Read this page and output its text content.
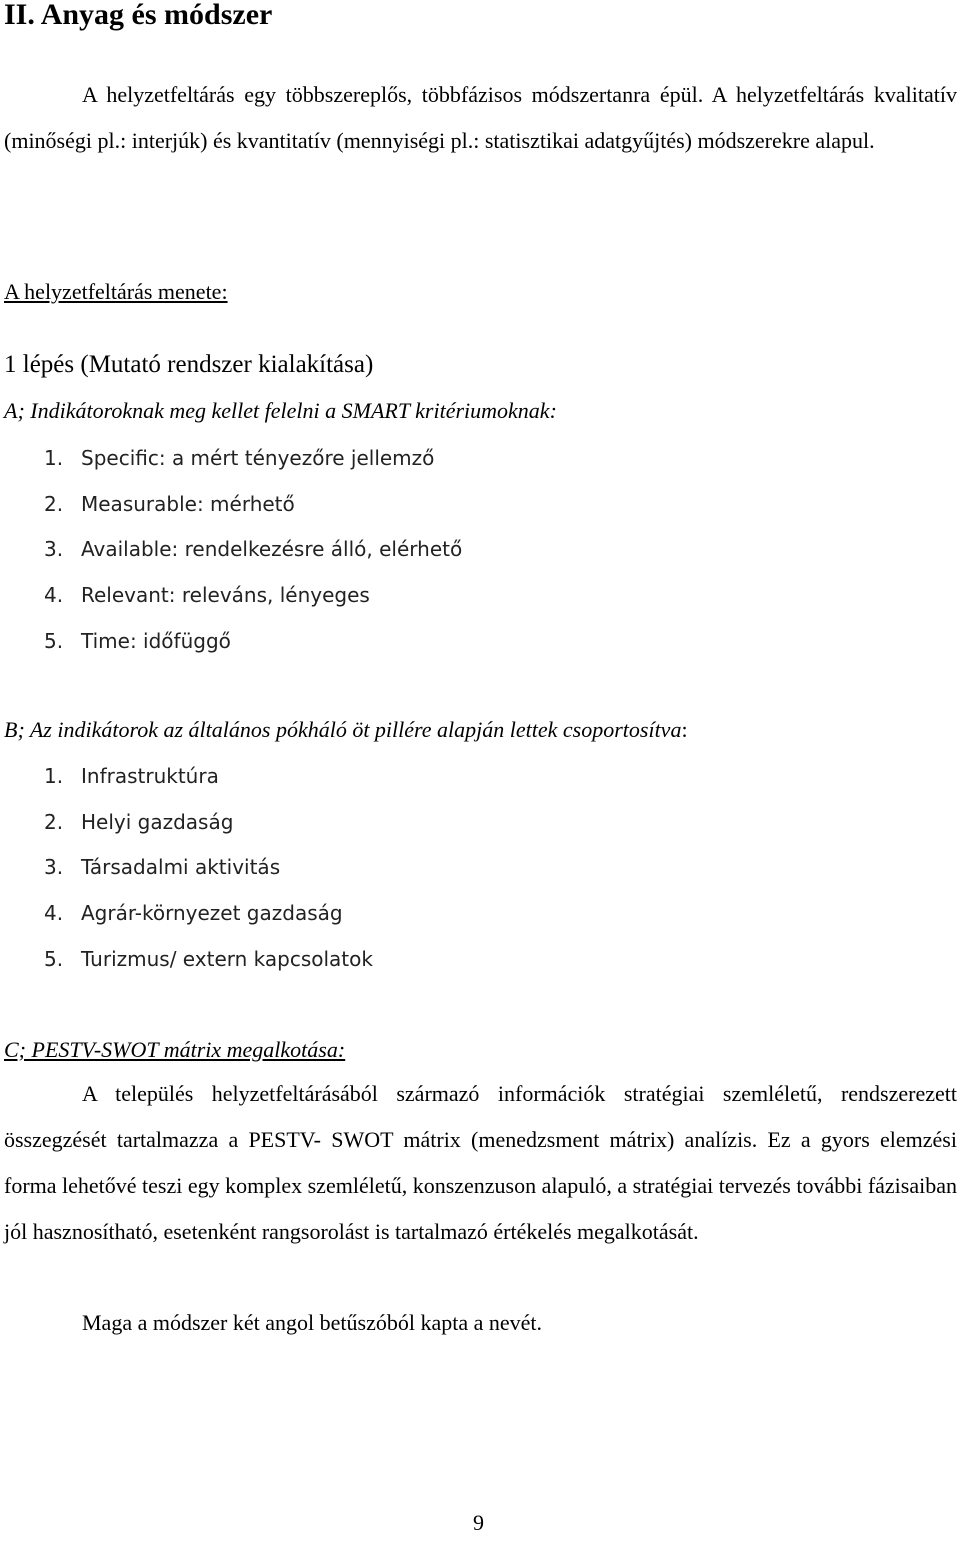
II. Anyag és módszer

A helyzetfeltárás egy többszereplős, többfázisos módszertanra épül. A helyzetfeltárás kvalitatív (minőségi pl.: interjúk) és kvantitatív (mennyiségi pl.: statisztikai adatgyűjtés) módszerekre alapul.

A helyzetfeltárás menete:
1 lépés (Mutató rendszer kialakítása)
A; Indikátoroknak meg kellet felelni a SMART kritériumoknak:
1. Specific: a mért tényezőre jellemző
2. Measurable: mérhető
3. Available: rendelkezésre álló, elérhető
4. Relevant: releváns, lényeges
5. Time: időfüggő
B; Az indikátorok az általános pókháló öt pillére alapján lettek csoportosítva:
1. Infrastruktúra
2. Helyi gazdaság
3. Társadalmi aktivitás
4. Agrár-környezet gazdaság
5. Turizmus/ extern kapcsolatok
C; PESTV-SWOT mátrix megalkotása:

A település helyzetfeltárásából származó információk stratégiai szemléletű, rendszerezett összegzését tartalmazza a PESTV- SWOT mátrix (menedzsment mátrix) analízis. Ez a gyors elemzési forma lehetővé teszi egy komplex szemléletű, konszenzuson alapuló, a stratégiai tervezés további fázisaiban jól hasznosítható, esetenként rangsorolást is tartalmazó értékelés megalkotását.

Maga a módszer két angol betűszóból kapta a nevét.

9
